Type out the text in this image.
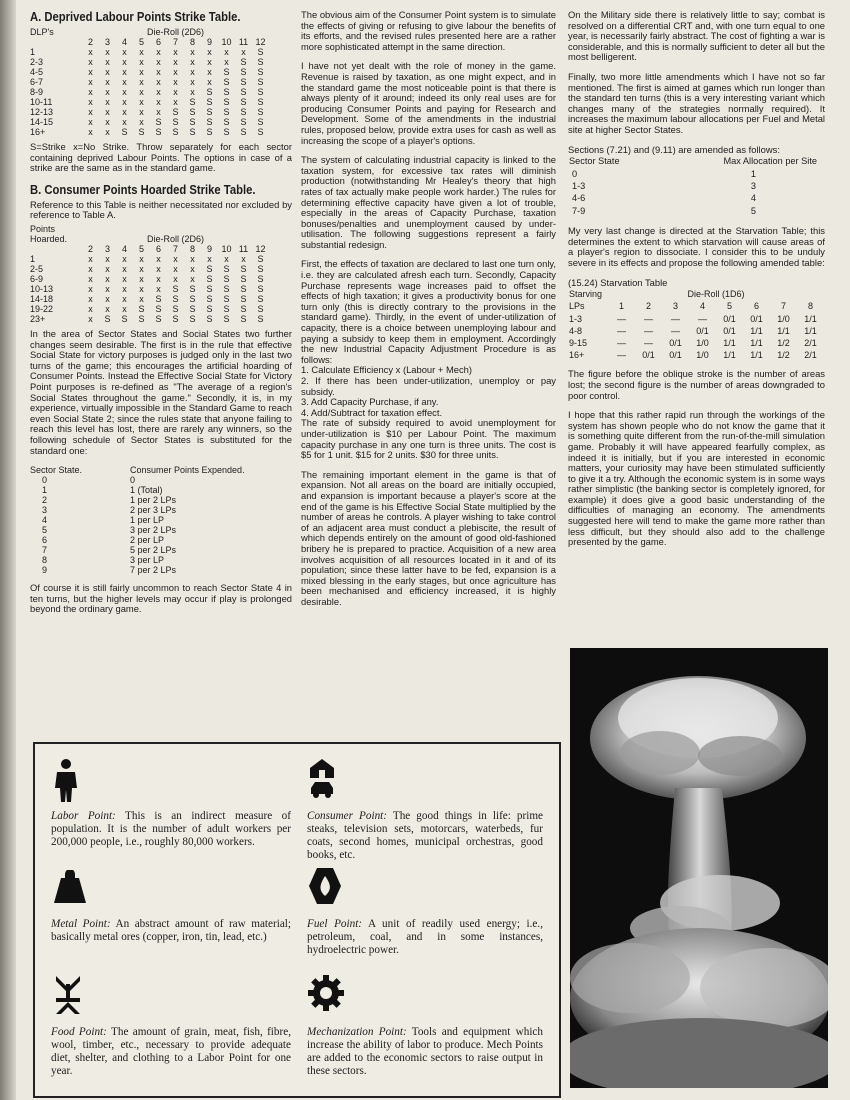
A. Deprived Labour Points Strike Table.
DLP's	Die-Roll (2D6)										
	2	3	4	5	6	7	8	9	10	11	12
1	x	x	x	x	x	x	x	x	x	x	S
2-3	x	x	x	x	x	x	x	x	x	S	S
4-5	x	x	x	x	x	x	x	x	S	S	S
6-7	x	x	x	x	x	x	x	x	S	S	S
8-9	x	x	x	x	x	x	x	S	S	S	S
10-11	x	x	x	x	x	x	S	S	S	S	S
12-13	x	x	x	x	x	S	S	S	S	S	S
14-15	x	x	x	x	S	S	S	S	S	S	S
16+	x	x	S	S	S	S	S	S	S	S	S

S=Strike x=No Strike. Throw separately for each sector containing deprived Labour Points. The options in case of a strike are the same as in the standard game.

B. Consumer Points Hoarded Strike Table.

Reference to this Table is neither necessitated nor excluded by reference to Table A.

Points											
Hoarded.	Die-Roll (2D6)										
	2	3	4	5	6	7	8	9	10	11	12
1	x	x	x	x	x	x	x	x	x	x	S
2-5	x	x	x	x	x	x	x	S	S	S	S
6-9	x	x	x	x	x	x	x	S	S	S	S
10-13	x	x	x	x	x	S	S	S	S	S	S
14-18	x	x	x	x	S	S	S	S	S	S	S
19-22	x	x	x	S	S	S	S	S	S	S	S
23+	x	S	S	S	S	S	S	S	S	S	S

In the area of Sector States and Social States two further changes seem desirable. The first is in the rule that effective Social State for victory purposes is judged only in the last two turns of the game; this encourages the artificial hoarding of Consumer Points. Instead the Effective Social State for Victory Point purposes is re-defined as "The average of a region's Social States throughout the game." Secondly, it is, in my experience, virtually impossible in the Standard Game to reach even Social State 2; since the rules state that anyone failing to reach this level has lost, there are rarely any winners, so the following schedule of Sector States is substituted for the standard one:

Sector State.	Consumer Points Expended.
0	0
1	1 (Total)
2	1 per 2 LPs
3	2 per 3 LPs
4	1 per LP
5	3 per 2 LPs
6	2 per LP
7	5 per 2 LPs
8	3 per LP
9	7 per 2 LPs

Of course it is still fairly uncommon to reach Sector State 4 in ten turns, but the higher levels may occur if play is prolonged beyond the ordinary game.

The obvious aim of the Consumer Point system is to simulate the effects of giving or refusing to give labour the benefits of its efforts, and the revised rules presented here are a rather more sophisticated attempt in the same direction.

I have not yet dealt with the role of money in the game. Revenue is raised by taxation, as one might expect, and in the standard game the most noticeable point is that there is always plenty of it around; indeed its only real uses are for producing Consumer Points and paying for Research and Development. Some of the amendments in the industrial rules, proposed below, provide extra uses for cash as well as increasing the scope of a player's options.

The system of calculating industrial capacity is linked to the taxation system, for excessive tax rates will diminish production (notwithstanding Mr Healey's theory that high rates of tax actually make people work harder.) The rules for determining effective capacity have given a lot of trouble, especially in the areas of Capacity Purchase, taxation bonuses/penalties and unemployment caused by under-utilisation. The following suggestions represent a fairly substantial redesign.

First, the effects of taxation are declared to last one turn only, i.e. they are calculated afresh each turn. Secondly, Capacity Purchase represents wage increases paid to offset the effects of high taxation; it gives a productivity bonus for one turn only (this is directly contrary to the provisions in the standard game). Thirdly, in the event of under-utilization of capacity, there is a choice between unemploying labour and paying a subsidy to keep them in employment. Accordingly the new Industrial Capacity Adjustment Procedure is as follows:

1. Calculate Efficiency x (Labour + Mech)
2. If there has been under-utilization, unemploy or pay subsidy.
3. Add Capacity Purchase, if any.
4. Add/Subtract for taxation effect.

The rate of subsidy required to avoid unemployment for under-utilization is $10 per Labour Point. The maximum capacity purchase in any one turn is three units. The cost is $5 for 1 unit. $15 for 2 units. $30 for three units.

The remaining important element in the game is that of expansion. Not all areas on the board are initially occupied, and expansion is important because a player's score at the end of the game is his Effective Social State multiplied by the number of areas he controls. A player wishing to take control of an adjacent area must conduct a plebiscite, the result of which depends entirely on the amount of good old-fashioned bribery he is prepared to practice. Acquisition of a new area involves acquisition of all resources located in it and of its population; since these latter have to be fed, expansion is a mixed blessing in the early stages, but once agriculture has been mechanised and efficiency increased, it is highly desirable.

On the Military side there is relatively little to say; combat is resolved on a differential CRT and, with one turn equal to one year, is necessarily fairly abstract. The cost of fighting a war is considerable, and this is normally sufficient to deter all but the most belligerent.

Finally, two more little amendments which I have not so far mentioned. The first is aimed at games which run longer than the standard ten turns (this is a very interesting variant which changes many of the strategies normally required). It increases the maximum labour allocations per Fuel and Metal site at higher Sector States.

Sections (7.21) and (9.11) are amended as follows:
Sector State	Max Allocation per Site
0	1
1-3	3
4-6	4
7-9	5

My very last change is directed at the Starvation Table; this determines the extent to which starvation will cause areas of a player's region to dissociate. I consider this to be unduly severe in its effects and propose the following amended table:

(15.24) Starvation Table
Starving	Die-Roll (1D6)							
LPs	1	2	3	4	5	6	7	8
1-3	—	—	—	—	0/1	0/1	1/0	1/1
4-8	—	—	—	0/1	0/1	1/1	1/1	1/1
9-15	—	—	0/1	1/0	1/1	1/1	1/2	2/1
16+	—	0/1	0/1	1/0	1/1	1/1	1/2	2/1

The figure before the oblique stroke is the number of areas lost; the second figure is the number of areas downgraded to poor control.

I hope that this rather rapid run through the workings of the system has shown people who do not know the game that it is something quite different from the run-of-the-mill simulation game. Probably it will have appeared fearfully complex, as indeed it is initially, but if you are interested in economic matters, your curiosity may have been stimulated sufficiently to give it a try. Although the economic system is in some ways rather simplistic (the banking sector is completely ignored, for example) it does give a good basic understanding of the difficulties of managing an economy. The amendments suggested here will tend to make the game more rather than less difficult, but they should also add to the challenge presented by the game.

Labor Point: This is an indirect measure of population. It is the number of adult workers per 200,000 people, i.e., roughly 80,000 workers.
Consumer Point: The good things in life: prime steaks, television sets, motorcars, waterbeds, fur coats, second homes, municipal orchestras, good books, etc.
Metal Point: An abstract amount of raw material; basically metal ores (copper, iron, tin, lead, etc.)
Fuel Point: A unit of readily used energy; i.e., petroleum, coal, and in some instances, hydroelectric power.
Food Point: The amount of grain, meat, fish, fibre, wool, timber, etc., necessary to provide adequate diet, shelter, and clothing to a Labor Point for one year.
Mechanization Point: Tools and equipment which increase the ability of labor to produce. Mech Points are added to the economic sectors to raise output in these sectors.
